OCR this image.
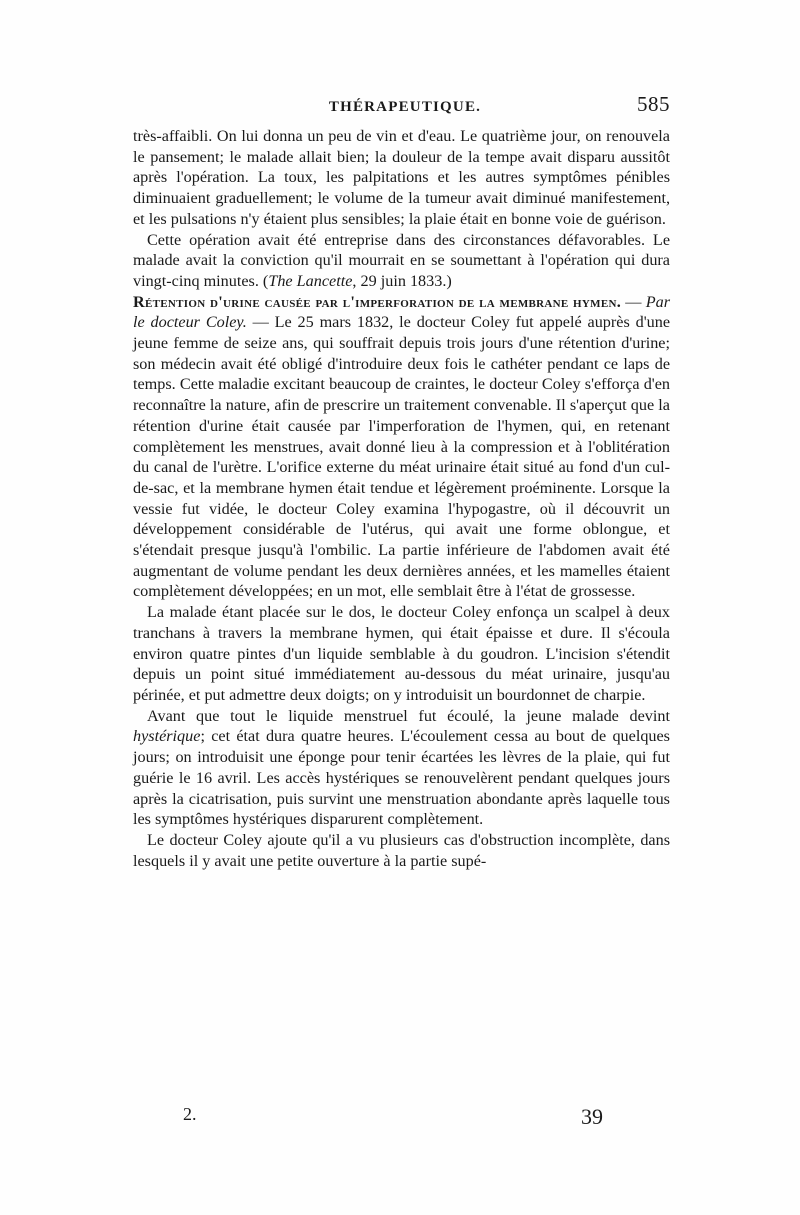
THÉRAPEUTIQUE.	585

très-affaibli. On lui donna un peu de vin et d'eau. Le quatrième jour, on renouvela le pansement; le malade allait bien; la douleur de la tempe avait disparu aussitôt après l'opération. La toux, les palpitations et les autres symptômes pénibles diminuaient graduellement; le volume de la tumeur avait diminué manifestement, et les pulsations n'y étaient plus sensibles; la plaie était en bonne voie de guérison.

Cette opération avait été entreprise dans des circonstances défavorables. Le malade avait la conviction qu'il mourrait en se soumettant à l'opération qui dura vingt-cinq minutes. (The Lancette, 29 juin 1833.)

Rétention d'urine causée par l'imperforation de la membrane hymen. — Par le docteur Coley. — Le 25 mars 1832, le docteur Coley fut appelé auprès d'une jeune femme de seize ans, qui souffrait depuis trois jours d'une rétention d'urine; son médecin avait été obligé d'introduire deux fois le cathéter pendant ce laps de temps. Cette maladie excitant beaucoup de craintes, le docteur Coley s'efforça d'en reconnaître la nature, afin de prescrire un traitement convenable. Il s'aperçut que la rétention d'urine était causée par l'imperforation de l'hymen, qui, en retenant complètement les menstrues, avait donné lieu à la compression et à l'oblitération du canal de l'urètre. L'orifice externe du méat urinaire était situé au fond d'un cul-de-sac, et la membrane hymen était tendue et légèrement proéminente. Lorsque la vessie fut vidée, le docteur Coley examina l'hypogastre, où il découvrit un développement considérable de l'utérus, qui avait une forme oblongue, et s'étendait presque jusqu'à l'ombilic. La partie inférieure de l'abdomen avait été augmentant de volume pendant les deux dernières années, et les mamelles étaient complètement développées; en un mot, elle semblait être à l'état de grossesse.

La malade étant placée sur le dos, le docteur Coley enfonça un scalpel à deux tranchans à travers la membrane hymen, qui était épaisse et dure. Il s'écoula environ quatre pintes d'un liquide semblable à du goudron. L'incision s'étendit depuis un point situé immédiatement au-dessous du méat urinaire, jusqu'au périnée, et put admettre deux doigts; on y introduisit un bourdonnet de charpie.

Avant que tout le liquide menstruel fut écoulé, la jeune malade devint hystérique; cet état dura quatre heures. L'écoulement cessa au bout de quelques jours; on introduisit une éponge pour tenir écartées les lèvres de la plaie, qui fut guérie le 16 avril. Les accès hystériques se renouvelèrent pendant quelques jours après la cicatrisation, puis survint une menstruation abondante après laquelle tous les symptômes hystériques disparurent complètement.

Le docteur Coley ajoute qu'il a vu plusieurs cas d'obstruction incomplète, dans lesquels il y avait une petite ouverture à la partie supé-

2.	39
